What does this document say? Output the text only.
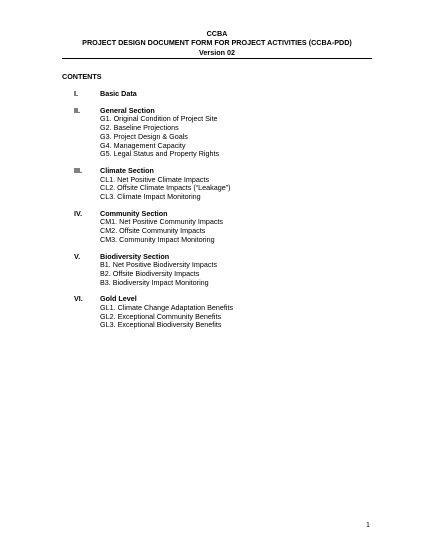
CCBA
PROJECT DESIGN DOCUMENT FORM FOR PROJECT ACTIVITIES (CCBA-PDD)
Version 02
CONTENTS
I.	Basic Data
II.	General Section
G1. Original Condition of Project Site
G2. Baseline Projections
G3. Project Design & Goals
G4. Management Capacity
G5. Legal Status and Property Rights
III.	Climate Section
CL1. Net Positive Climate Impacts
CL2. Offsite Climate Impacts (“Leakage”)
CL3. Climate Impact Monitoring
IV. Community Section
CM1. Net Positive Community Impacts
CM2. Offsite Community Impacts
CM3. Community Impact Monitoring
V.	Biodiversity Section
B1. Net Positive Biodiversity Impacts
B2. Offsite Biodiversity Impacts
B3. Biodiversity Impact Monitoring
VI. Gold Level
GL1. Climate Change Adaptation Benefits
GL2. Exceptional Community Benefits
GL3. Exceptional Biodiversity Benefits
1
